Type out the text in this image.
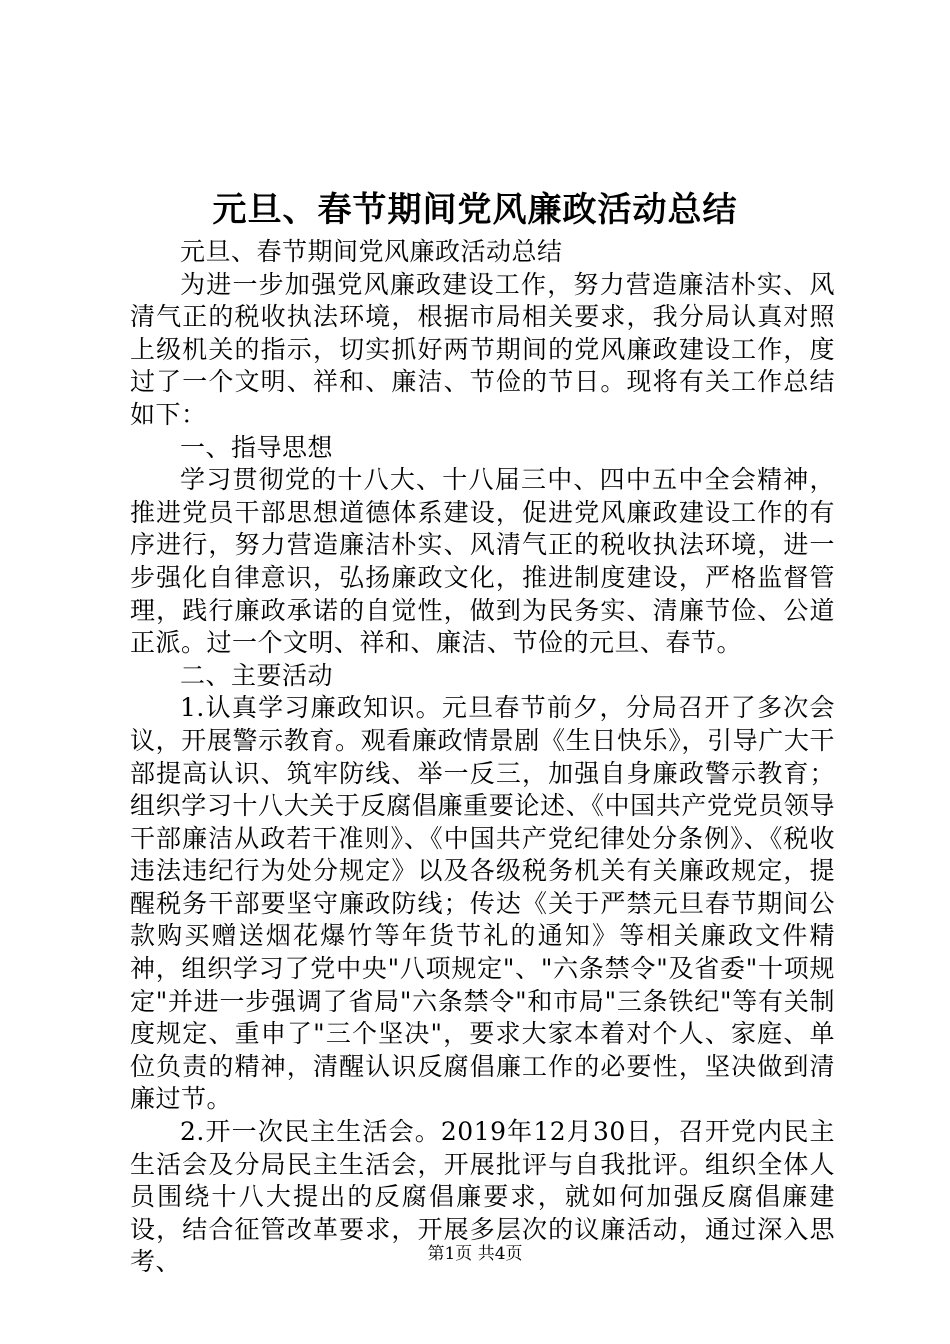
元旦、春节期间党风廉政活动总结

元旦、春节期间党风廉政活动总结

为进一步加强党风廉政建设工作，努力营造廉洁朴实、风清气正的税收执法环境，根据市局相关要求，我分局认真对照上级机关的指示，切实抓好两节期间的党风廉政建设工作，度过了一个文明、祥和、廉洁、节俭的节日。现将有关工作总结如下：

一、指导思想

学习贯彻党的十八大、十八届三中、四中五中全会精神，推进党员干部思想道德体系建设，促进党风廉政建设工作的有序进行，努力营造廉洁朴实、风清气正的税收执法环境，进一步强化自律意识，弘扬廉政文化，推进制度建设，严格监督管理，践行廉政承诺的自觉性，做到为民务实、清廉节俭、公道正派。过一个文明、祥和、廉洁、节俭的元旦、春节。

二、主要活动

1.认真学习廉政知识。元旦春节前夕，分局召开了多次会议，开展警示教育。观看廉政情景剧《生日快乐》，引导广大干部提高认识、筑牢防线、举一反三，加强自身廉政警示教育；组织学习十八大关于反腐倡廉重要论述、《中国共产党党员领导干部廉洁从政若干准则》、《中国共产党纪律处分条例》、《税收违法违纪行为处分规定》以及各级税务机关有关廉政规定，提醒税务干部要坚守廉政防线；传达《关于严禁元旦春节期间公款购买赠送烟花爆竹等年货节礼的通知》等相关廉政文件精神，组织学习了党中央"八项规定"、"六条禁令"及省委"十项规定"并进一步强调了省局"六条禁令"和市局"三条铁纪"等有关制度规定、重申了"三个坚决"，要求大家本着对个人、家庭、单位负责的精神，清醒认识反腐倡廉工作的必要性，坚决做到清廉过节。

2.开一次民主生活会。2019年12月30日，召开党内民主生活会及分局民主生活会，开展批评与自我批评。组织全体人员围绕十八大提出的反腐倡廉要求，就如何加强反腐倡廉建设，结合征管改革要求，开展多层次的议廉活动，通过深入思考、	第1页 共4页
